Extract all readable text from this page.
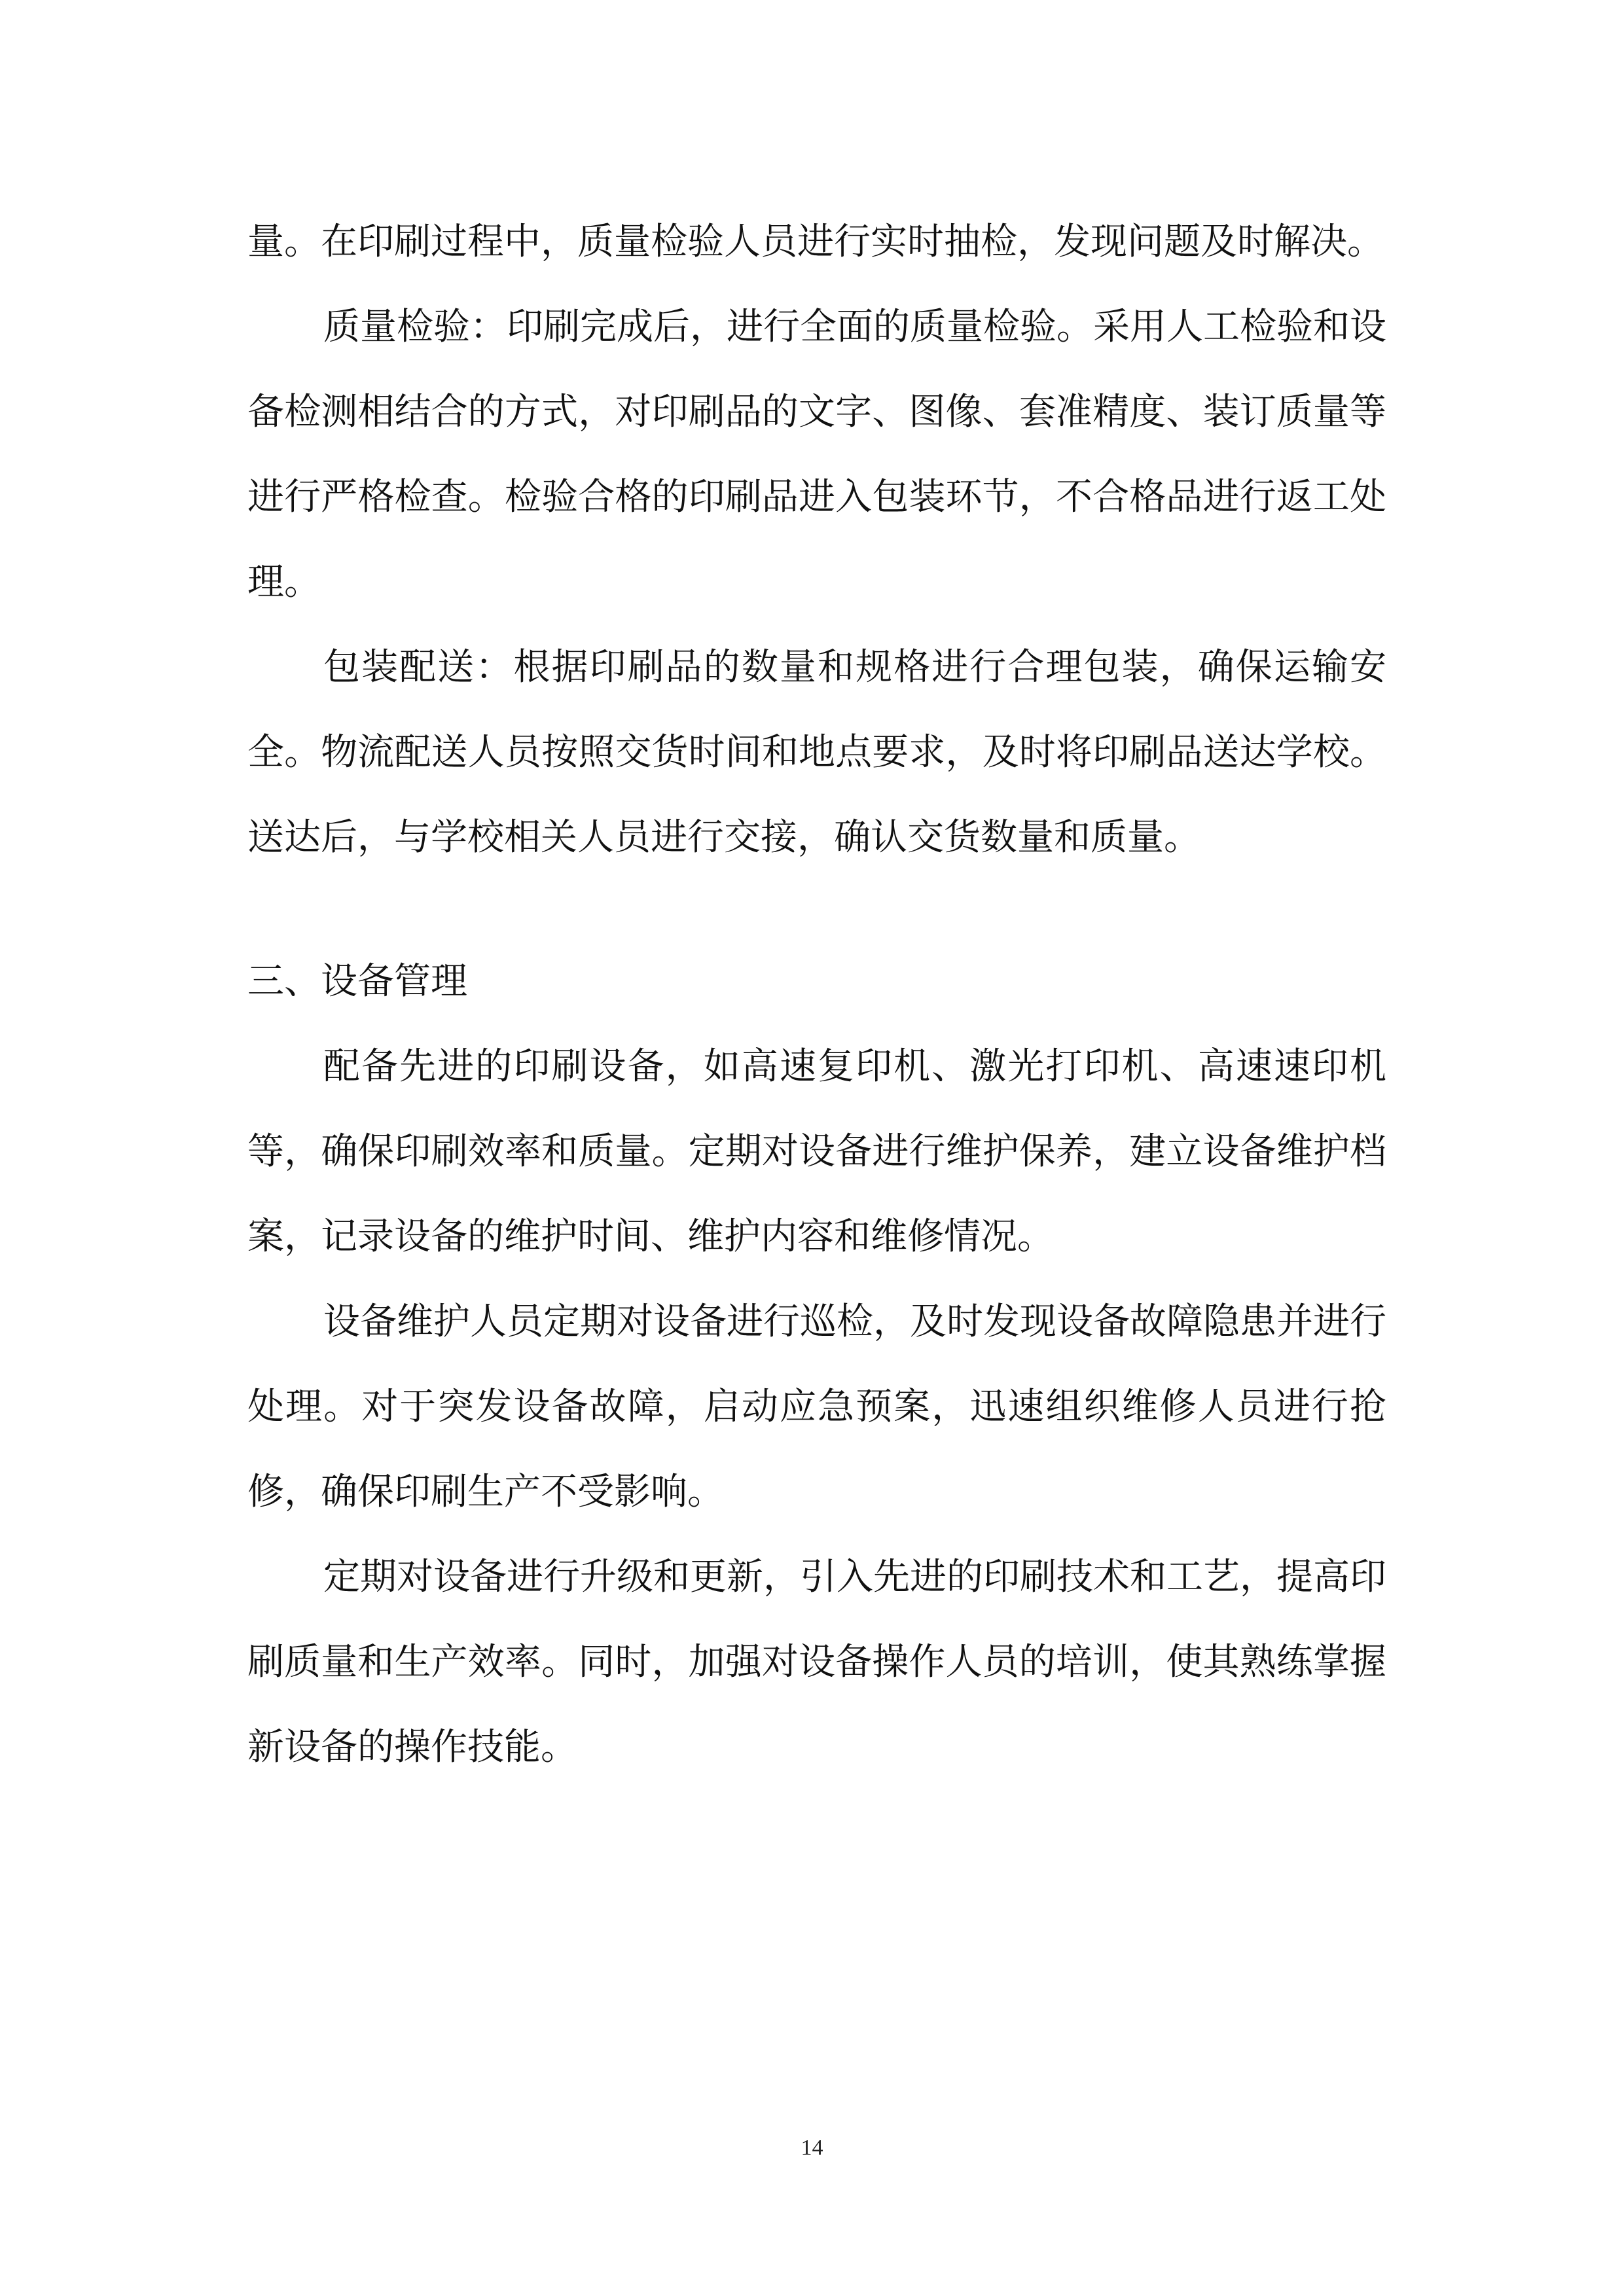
量。在印刷过程中，质量检验人员进行实时抽检，发现问题及时解决。

质量检验：印刷完成后，进行全面的质量检验。采用人工检验和设备检测相结合的方式，对印刷品的文字、图像、套准精度、装订质量等进行严格检查。检验合格的印刷品进入包装环节，不合格品进行返工处理。

包装配送：根据印刷品的数量和规格进行合理包装，确保运输安全。物流配送人员按照交货时间和地点要求，及时将印刷品送达学校。送达后，与学校相关人员进行交接，确认交货数量和质量。

三、设备管理

配备先进的印刷设备，如高速复印机、激光打印机、高速速印机等，确保印刷效率和质量。定期对设备进行维护保养，建立设备维护档案，记录设备的维护时间、维护内容和维修情况。

设备维护人员定期对设备进行巡检，及时发现设备故障隐患并进行处理。对于突发设备故障，启动应急预案，迅速组织维修人员进行抢修，确保印刷生产不受影响。

定期对设备进行升级和更新，引入先进的印刷技术和工艺，提高印刷质量和生产效率。同时，加强对设备操作人员的培训，使其熟练掌握新设备的操作技能。

14
